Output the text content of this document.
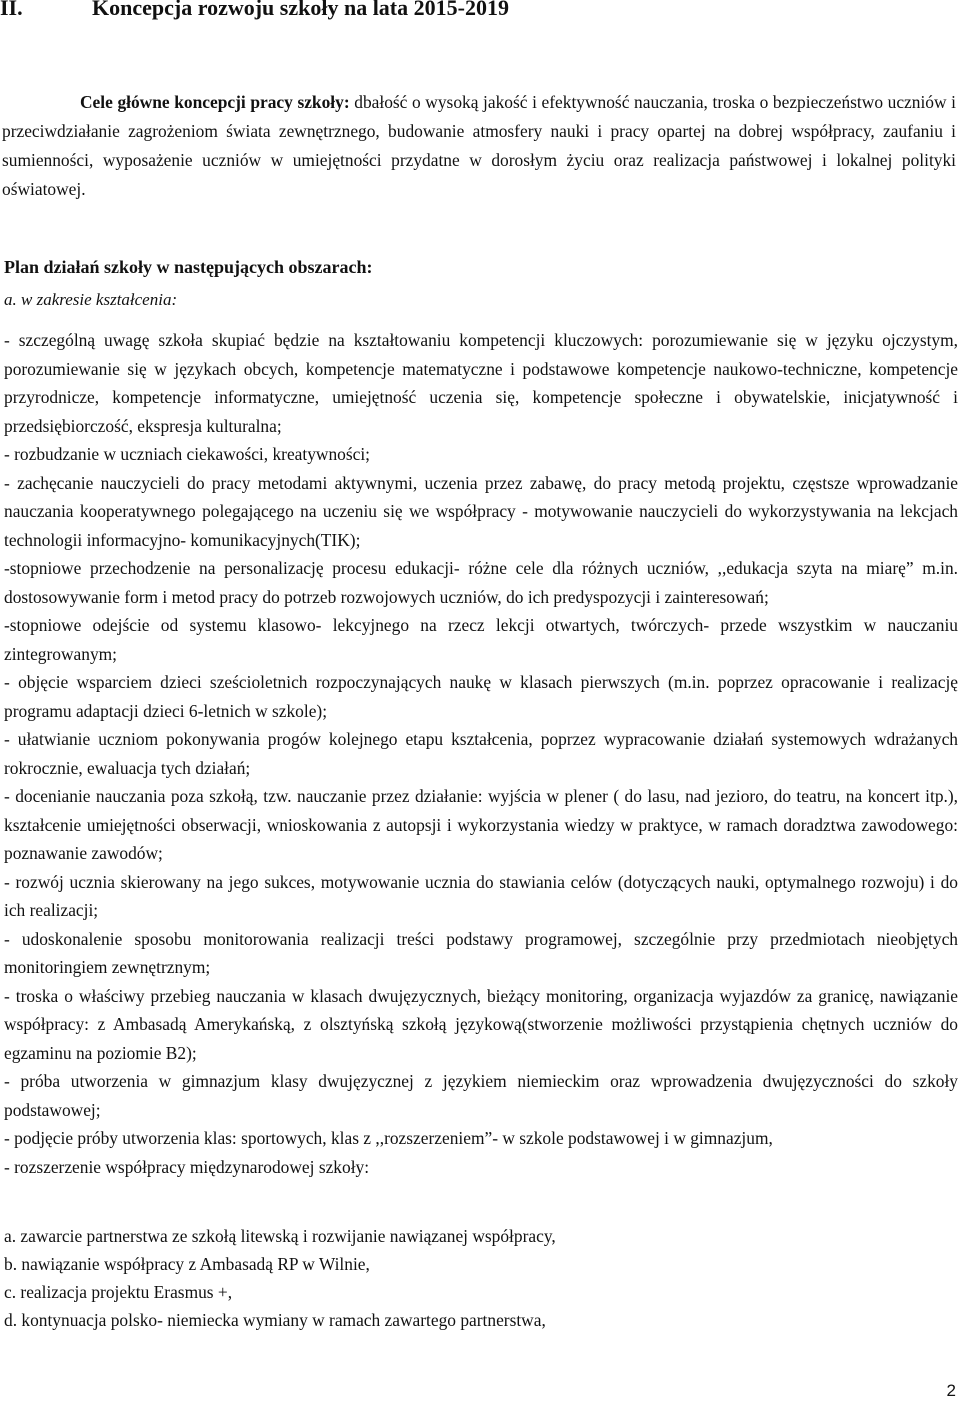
II.	Koncepcja rozwoju szkoły na lata 2015-2019

Cele główne koncepcji pracy szkoły: dbałość o wysoką jakość i efektywność nauczania, troska o bezpieczeństwo uczniów i przeciwdziałanie zagrożeniom świata zewnętrznego, budowanie atmosfery nauki i pracy opartej na dobrej współpracy, zaufaniu i sumienności, wyposażenie uczniów w umiejętności przydatne w dorosłym życiu oraz realizacja państwowej i lokalnej polityki oświatowej.

Plan działań szkoły w następujących obszarach:

a. w zakresie kształcenia:

- szczególną uwagę szkoła skupiać będzie na kształtowaniu kompetencji kluczowych: porozumiewanie się w języku ojczystym, porozumiewanie się w językach obcych, kompetencje matematyczne i podstawowe kompetencje naukowo-techniczne, kompetencje przyrodnicze, kompetencje informatyczne, umiejętność uczenia się, kompetencje społeczne i obywatelskie, inicjatywność i przedsiębiorczość, ekspresja kulturalna;
- rozbudzanie w uczniach ciekawości, kreatywności;
- zachęcanie nauczycieli do pracy metodami aktywnymi, uczenia przez zabawę, do pracy metodą projektu, częstsze wprowadzanie nauczania kooperatywnego polegającego na uczeniu się we współpracy - motywowanie nauczycieli do wykorzystywania na lekcjach technologii informacyjno- komunikacyjnych(TIK);
-stopniowe przechodzenie na personalizację procesu edukacji- różne cele dla różnych uczniów, ,,edukacja szyta na miarę” m.in. dostosowywanie form i metod pracy do potrzeb rozwojowych uczniów, do ich predyspozycji i zainteresowań;
-stopniowe odejście od systemu klasowo- lekcyjnego na rzecz lekcji otwartych, twórczych- przede wszystkim w nauczaniu zintegrowanym;
- objęcie wsparciem dzieci sześcioletnich rozpoczynających naukę w klasach pierwszych (m.in. poprzez opracowanie i realizację programu adaptacji dzieci 6-letnich w szkole);
- ułatwianie uczniom pokonywania progów kolejnego etapu kształcenia, poprzez wypracowanie działań systemowych wdrażanych rokrocznie, ewaluacja tych działań;
- docenianie nauczania poza szkołą, tzw. nauczanie przez działanie: wyjścia w plener ( do lasu, nad jezioro, do teatru, na koncert itp.), kształcenie umiejętności obserwacji, wnioskowania z autopsji i wykorzystania wiedzy w praktyce, w ramach doradztwa zawodowego: poznawanie zawodów;
- rozwój ucznia skierowany na jego sukces, motywowanie ucznia do stawiania celów (dotyczących nauki, optymalnego rozwoju) i do ich realizacji;
- udoskonalenie sposobu monitorowania realizacji treści podstawy programowej, szczególnie przy przedmiotach nieobjętych monitoringiem zewnętrznym;
- troska o właściwy przebieg nauczania w klasach dwujęzycznych, bieżący monitoring, organizacja wyjazdów za granicę, nawiązanie współpracy: z Ambasadą Amerykańską, z olsztyńską szkołą językową(stworzenie możliwości przystąpienia chętnych uczniów do egzaminu na poziomie B2);
- próba utworzenia w gimnazjum klasy dwujęzycznej z językiem niemieckim oraz wprowadzenia dwujęzyczności do szkoły podstawowej;
- podjęcie próby utworzenia klas: sportowych, klas z ,,rozszerzeniem”- w szkole podstawowej i w gimnazjum,
- rozszerzenie współpracy międzynarodowej szkoły:
a. zawarcie partnerstwa ze szkołą litewską i rozwijanie nawiązanej współpracy,
b. nawiązanie współpracy z Ambasadą RP w Wilnie,
c. realizacja projektu Erasmus +,
d. kontynuacja polsko- niemiecka wymiany w ramach zawartego partnerstwa,

2
